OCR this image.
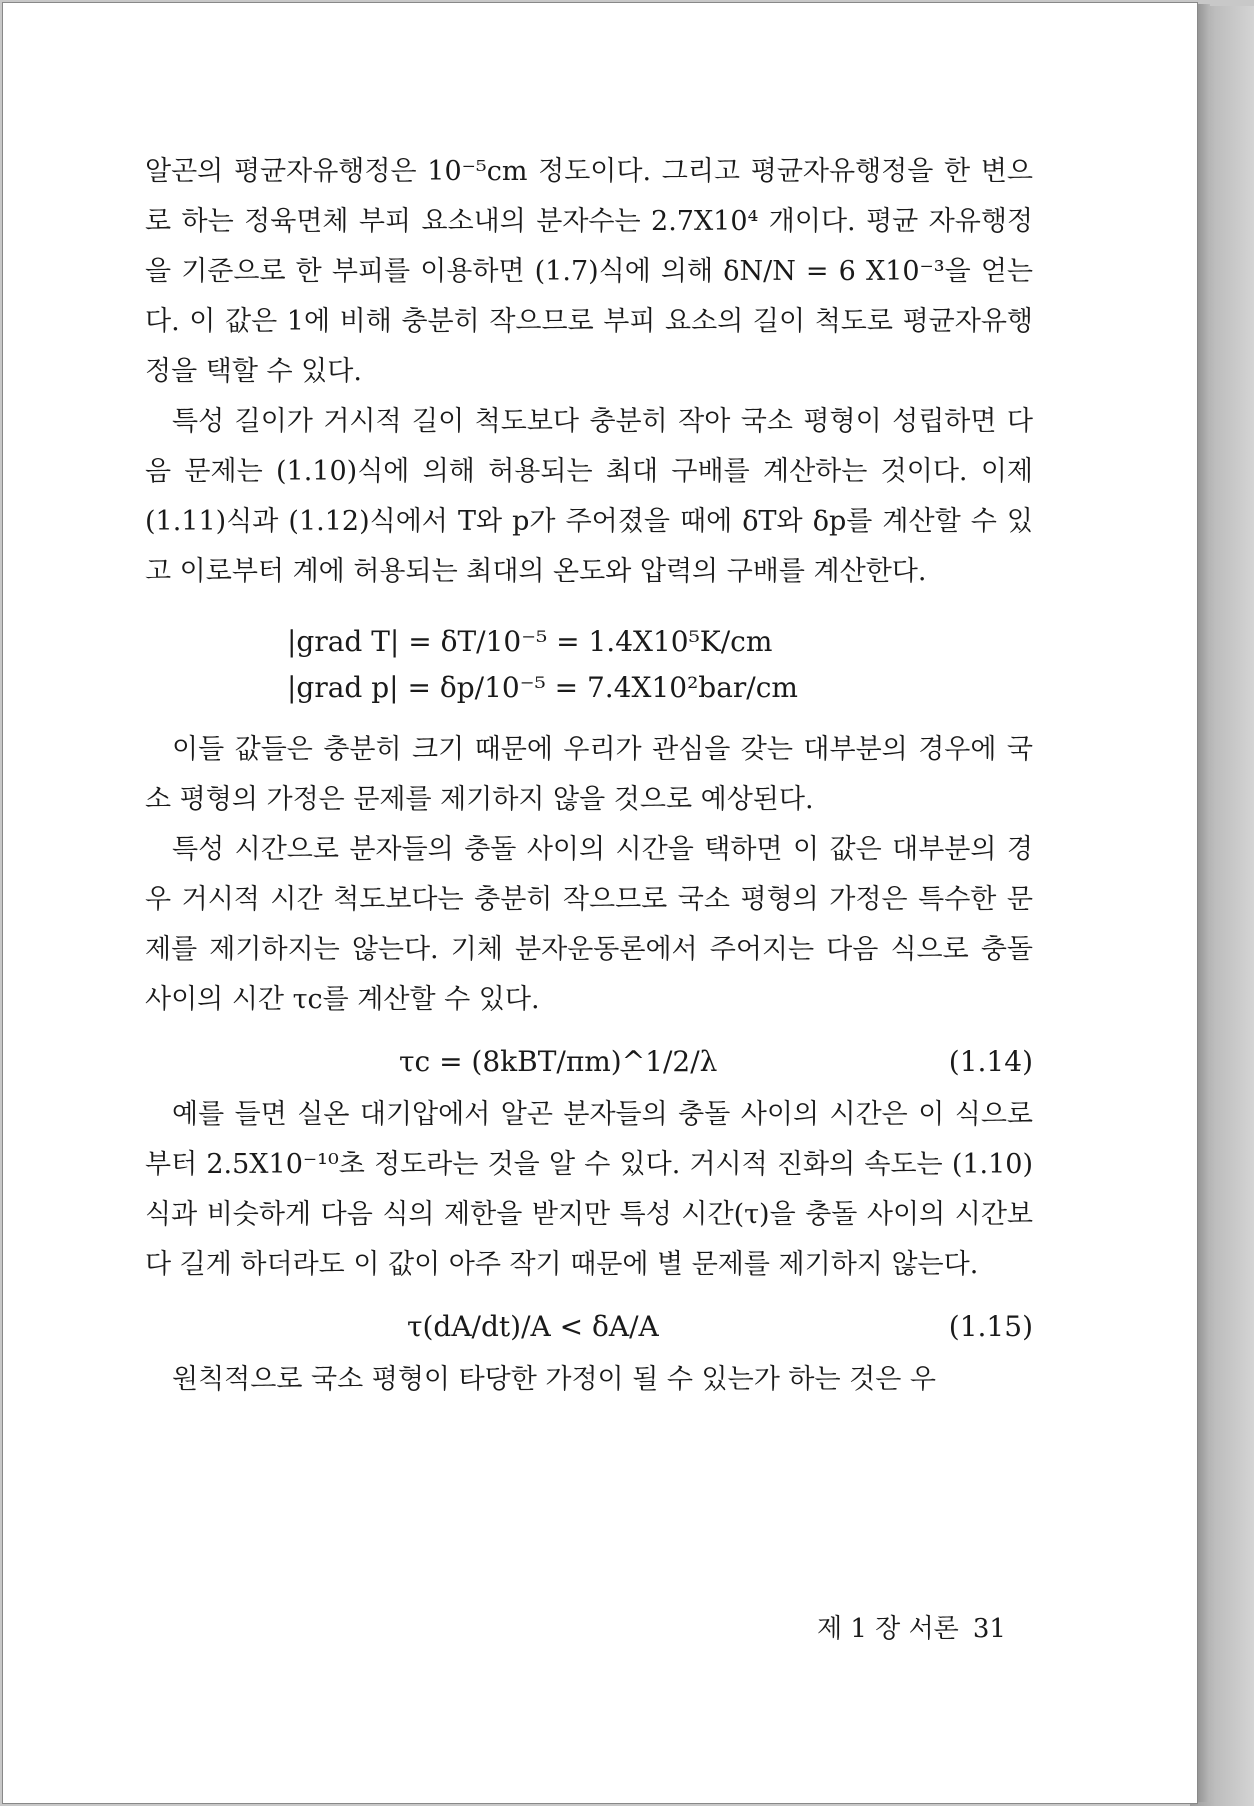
알곤의 평균자유행정은 10⁻⁵cm 정도이다. 그리고 평균자유행정을 한 변으로 하는 정육면체 부피 요소내의 분자수는 2.7X10⁴ 개이다. 평균 자유행정을 기준으로 한 부피를 이용하면 (1.7)식에 의해 δN/N = 6 X10⁻³을 얻는다. 이 값은 1에 비해 충분히 작으므로 부피 요소의 길이 척도로 평균자유행정을 택할 수 있다.

특성 길이가 거시적 길이 척도보다 충분히 작아 국소 평형이 성립하면 다음 문제는 (1.10)식에 의해 허용되는 최대 구배를 계산하는 것이다. 이제 (1.11)식과 (1.12)식에서 T와 p가 주어졌을 때에 δT와 δp를 계산할 수 있고 이로부터 계에 허용되는 최대의 온도와 압력의 구배를 계산한다.

|grad T| = δT/10⁻⁵ = 1.4X10⁵K/cm
|grad p| = δp/10⁻⁵ = 7.4X10²bar/cm

이들 값들은 충분히 크기 때문에 우리가 관심을 갖는 대부분의 경우에 국소 평형의 가정은 문제를 제기하지 않을 것으로 예상된다.

특성 시간으로 분자들의 충돌 사이의 시간을 택하면 이 값은 대부분의 경우 거시적 시간 척도보다는 충분히 작으므로 국소 평형의 가정은 특수한 문제를 제기하지는 않는다. 기체 분자운동론에서 주어지는 다음 식으로 충돌 사이의 시간 τc를 계산할 수 있다.

τc = (8kBT/πm)^1/2/λ	(1.14)

예를 들면 실온 대기압에서 알곤 분자들의 충돌 사이의 시간은 이 식으로부터 2.5X10⁻¹⁰초 정도라는 것을 알 수 있다. 거시적 진화의 속도는 (1.10)식과 비슷하게 다음 식의 제한을 받지만 특성 시간(τ)을 충돌 사이의 시간보다 길게 하더라도 이 값이 아주 작기 때문에 별 문제를 제기하지 않는다.

τ(dA/dt)/A < δA/A	(1.15)

원칙적으로 국소 평형이 타당한 가정이 될 수 있는가 하는 것은 우

제 1 장 서론 31
